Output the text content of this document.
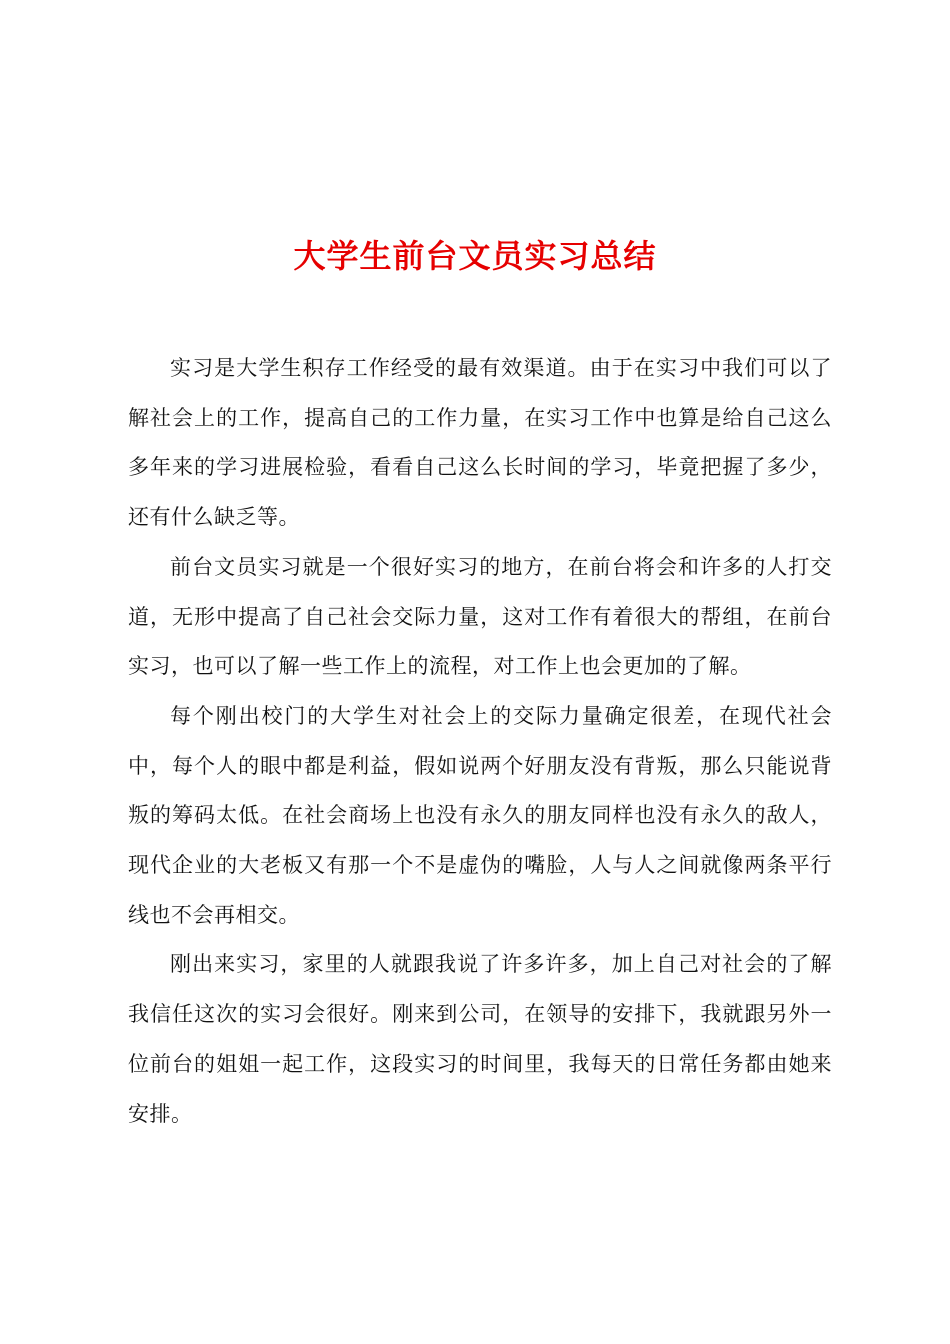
大学生前台文员实习总结

实习是大学生积存工作经受的最有效渠道。由于在实习中我们可以了解社会上的工作，提高自己的工作力量，在实习工作中也算是给自己这么多年来的学习进展检验，看看自己这么长时间的学习，毕竟把握了多少，还有什么缺乏等。

前台文员实习就是一个很好实习的地方，在前台将会和许多的人打交道，无形中提高了自己社会交际力量，这对工作有着很大的帮组，在前台实习，也可以了解一些工作上的流程，对工作上也会更加的了解。

每个刚出校门的大学生对社会上的交际力量确定很差，在现代社会中，每个人的眼中都是利益，假如说两个好朋友没有背叛，那么只能说背叛的筹码太低。在社会商场上也没有永久的朋友同样也没有永久的敌人，现代企业的大老板又有那一个不是虚伪的嘴脸，人与人之间就像两条平行线也不会再相交。

刚出来实习，家里的人就跟我说了许多许多，加上自己对社会的了解我信任这次的实习会很好。刚来到公司，在领导的安排下，我就跟另外一位前台的姐姐一起工作，这段实习的时间里，我每天的日常任务都由她来安排。
